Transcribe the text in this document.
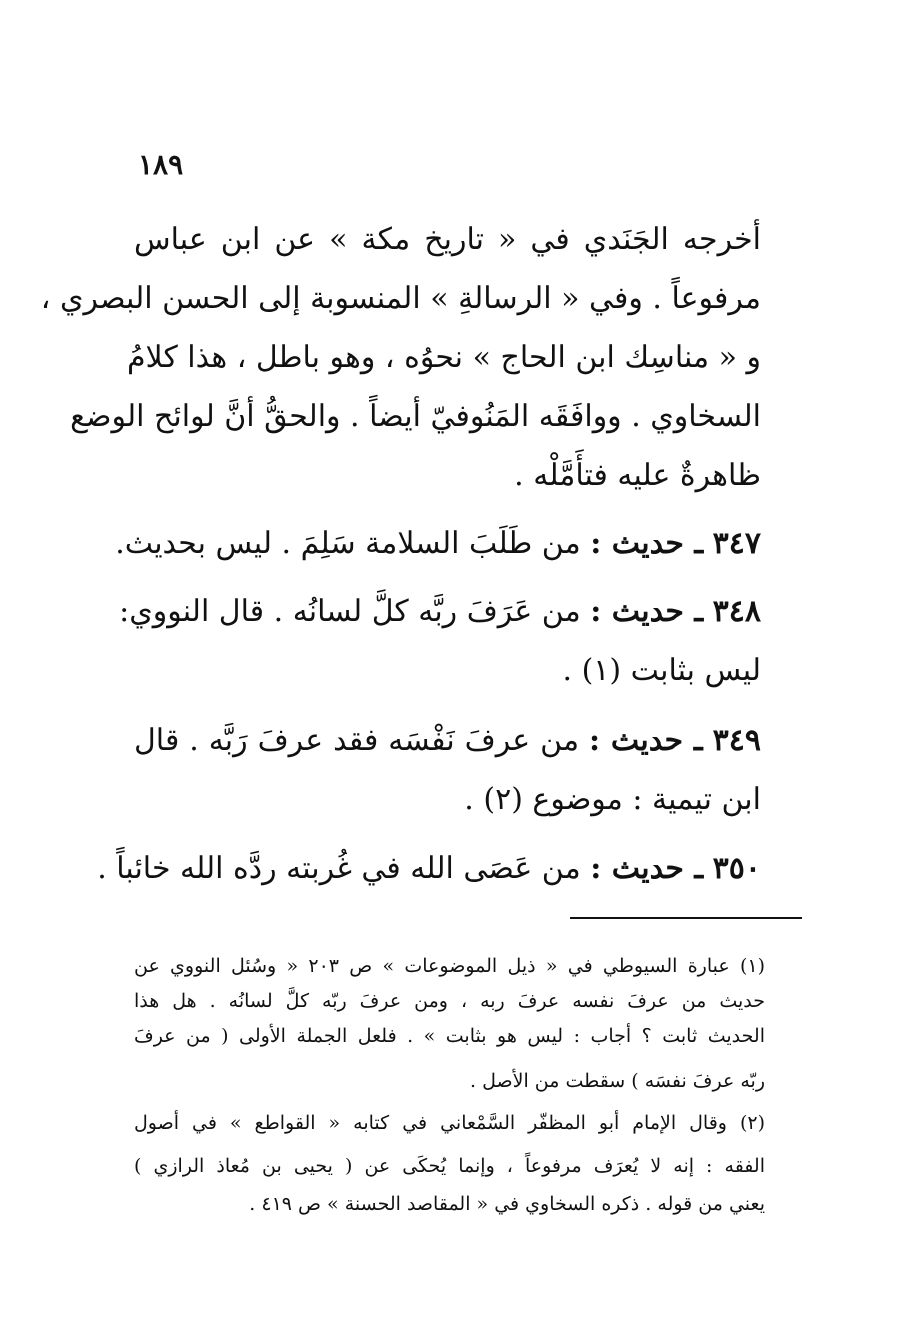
١٨٩
أخرجه الجَنَدي في « تاريخ مكة » عن ابن عباس
مرفوعاً . وفي « الرسالةِ » المنسوبة إلى الحسن البصري ،
و « مناسِك ابن الحاج » نحوُه ، وهو باطل ، هذا كلامُ
السخاوي . ووافَقَه المَنُوفيّ أيضاً . والحقُّ أنَّ لوائح الوضع
ظاهرةٌ عليه فتأَمَّلْه .
٣٤٧ ـ حديث : من طَلَبَ السلامة سَلِمَ . ليس بحديث.
٣٤٨ ـ حديث : من عَرَفَ ربَّه كلَّ لسانُه . قال النووي:
ليس بثابت (١) .
٣٤٩ ـ حديث : من عرفَ نَفْسَه فقد عرفَ رَبَّه . قال
ابن تيمية : موضوع (٢) .
٣٥٠ ـ حديث : من عَصَى الله في غُربته ردَّه الله خائباً .
(١) عبارة السيوطي في « ذيل الموضوعات » ص ٢٠٣ « وسُئل النووي عن
حديث من عرفَ نفسه عرفَ ربه ، ومن عرفَ ربّه كلَّ لسانُه . هل هذا
الحديث ثابت ؟ أجاب : ليس هو بثابت » . فلعل الجملة الأولى ( من عرفَ
ربّه عرفَ نفسَه ) سقطت من الأصل .
(٢) وقال الإمام أبو المظفّر السَّمْعاني في كتابه « القواطع » في أصول
الفقه : إنه لا يُعرَف مرفوعاً ، وإنما يُحكَى عن ( يحيى بن مُعاذ الرازي )
يعني من قوله . ذكره السخاوي في « المقاصد الحسنة » ص ٤١٩ .
